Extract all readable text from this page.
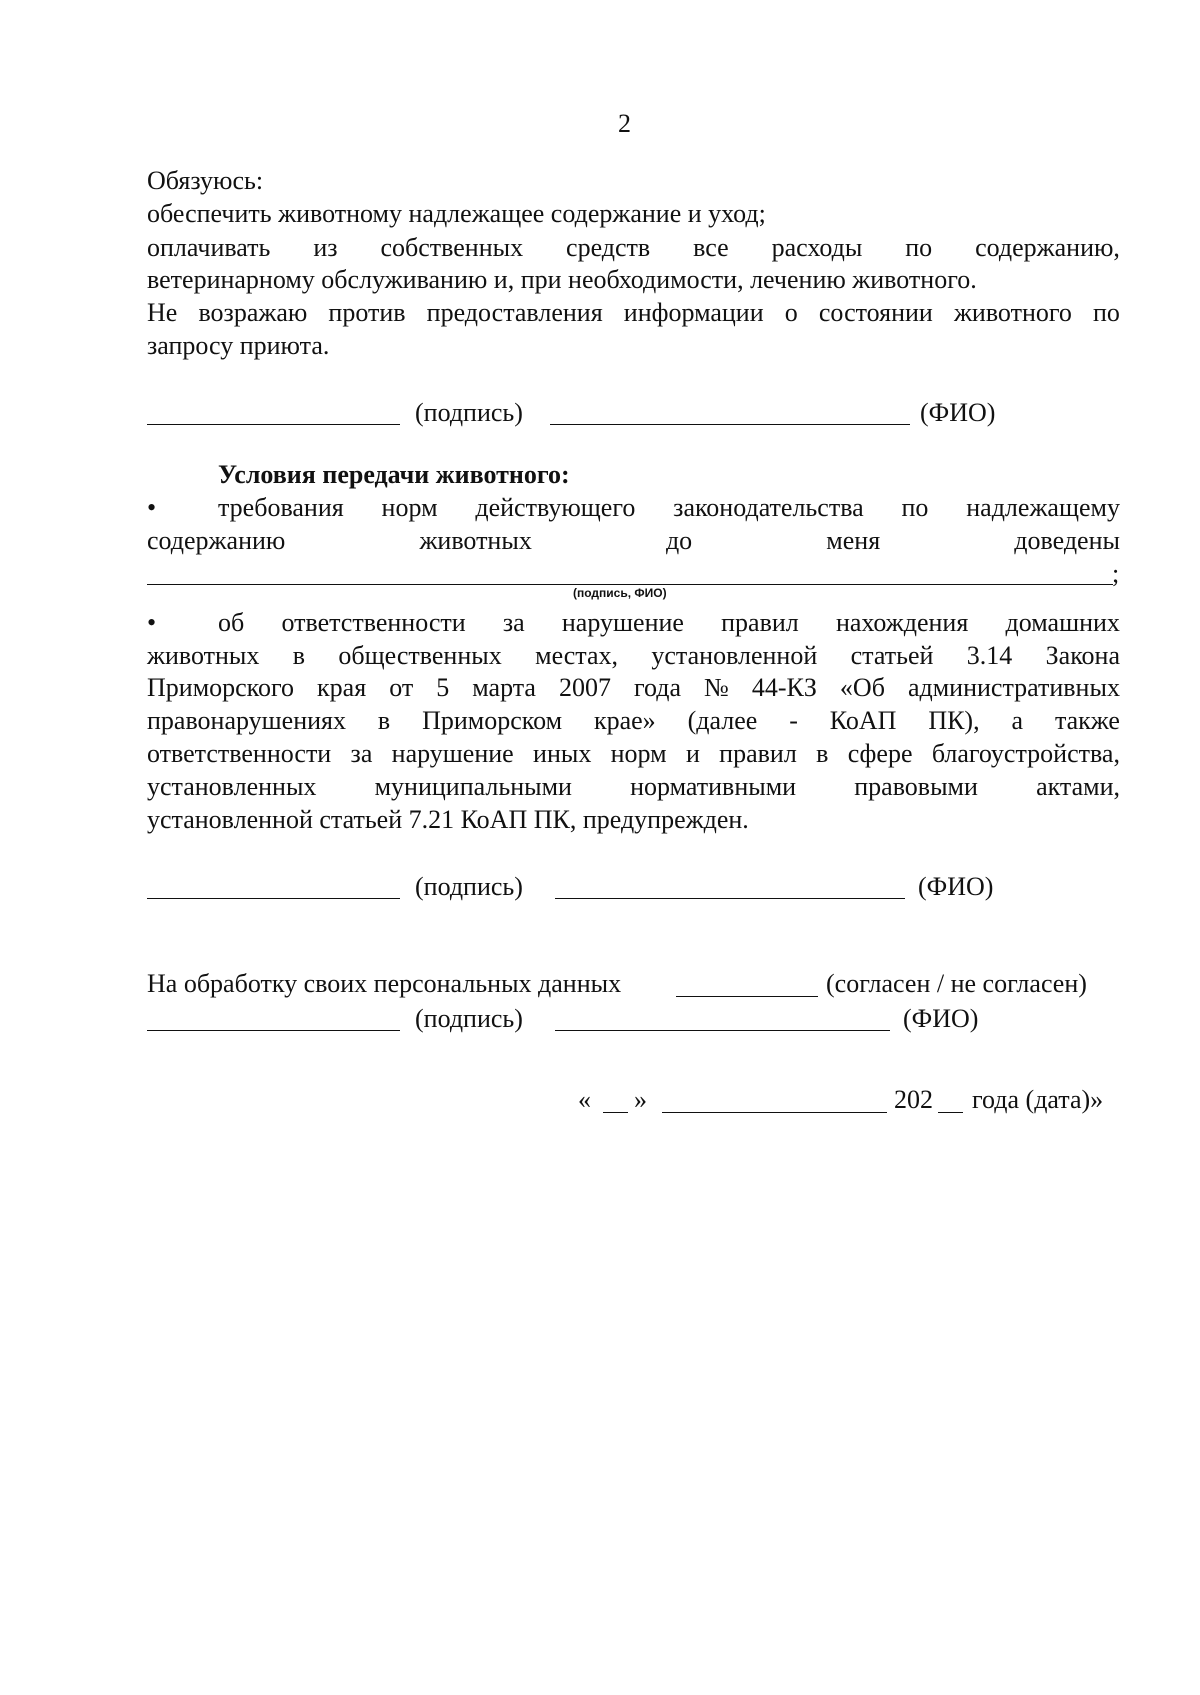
2
Обязуюсь:
обеспечить животному надлежащее содержание и уход;
оплачивать из собственных средств все расходы по содержанию,
ветеринарному обслуживанию и, при необходимости, лечению животного.
Не возражаю против предоставления информации о состоянии животного по
запросу приюта.
(подпись)	(ФИО)
Условия передачи животного:
• требования норм действующего законодательства по надлежащему
содержанию	животных	до	меня	доведены
;
(подпись, ФИО)
• об ответственности за нарушение правил нахождения домашних
животных в общественных местах, установленной статьей 3.14 Закона
Приморского края от 5 марта 2007 года № 44-КЗ «Об административных
правонарушениях в Приморском крае» (далее - КоАП ПК), а также
ответственности за нарушение иных норм и правил в сфере благоустройства,
установленных муниципальными нормативными правовыми актами,
установленной статьей 7.21 КоАП ПК, предупрежден.
(подпись)	(ФИО)
На обработку своих персональных данных	(согласен / не согласен)
(подпись)	(ФИО)
« »	202 года (дата)»
